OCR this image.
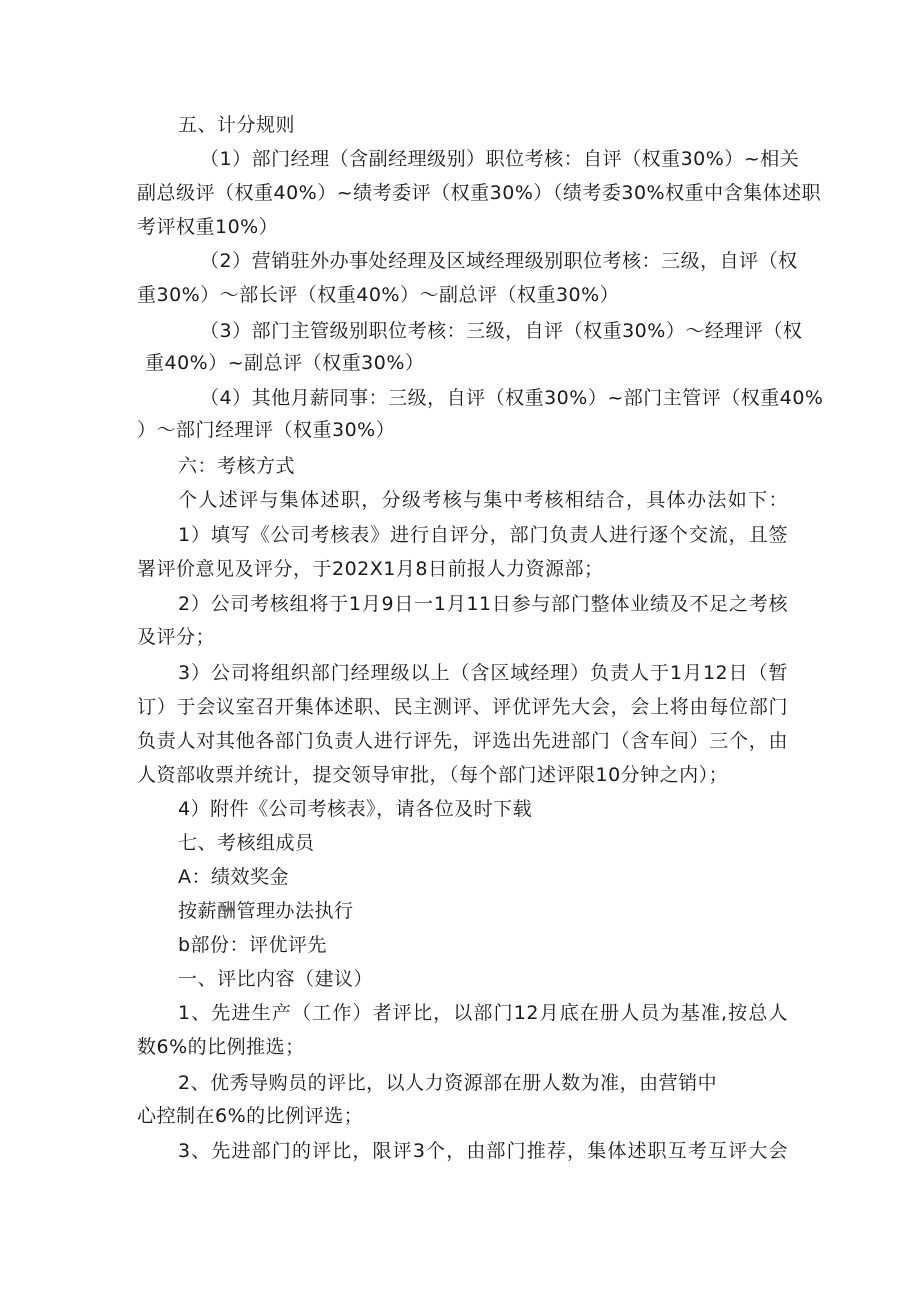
五、计分规则

（1）部门经理（含副经理级别）职位考核：自评（权重30%）~相关

副总级评（权重40%）~绩考委评（权重30%）（绩考委30%权重中含集体述职

考评权重10%）

（2）营销驻外办事处经理及区域经理级别职位考核：三级，自评（权

重30%）～部长评（权重40%）～副总评（权重30%）

（3）部门主管级别职位考核：三级，自评（权重30%）～经理评（权

重40%）~副总评（权重30%）

（4）其他月薪同事：三级，自评（权重30%）~部门主管评（权重40%

）～部门经理评（权重30%）

六：考核方式

个人述评与集体述职，分级考核与集中考核相结合，具体办法如下：

1）填写《公司考核表》进行自评分，部门负责人进行逐个交流，且签

署评价意见及评分，于202X1月8日前报人力资源部；

2）公司考核组将于1月9日一1月11日参与部门整体业绩及不足之考核

及评分；

3）公司将组织部门经理级以上（含区域经理）负责人于1月12日（暂

订）于会议室召开集体述职、民主测评、评优评先大会，会上将由每位部门

负责人对其他各部门负责人进行评先，评选出先进部门（含车间）三个，由

人资部收票并统计，提交领导审批，（每个部门述评限10分钟之内）；

4）附件《公司考核表》，请各位及时下载

七、考核组成员

A：绩效奖金

按薪酬管理办法执行

b部份：评优评先

一、评比内容（建议）

1、先进生产（工作）者评比，以部门12月底在册人员为基准,按总人

数6%的比例推选；

2、优秀导购员的评比，以人力资源部在册人数为准，由营销中

心控制在6%的比例评选；

3、先进部门的评比，限评3个，由部门推荐，集体述职互考互评大会
